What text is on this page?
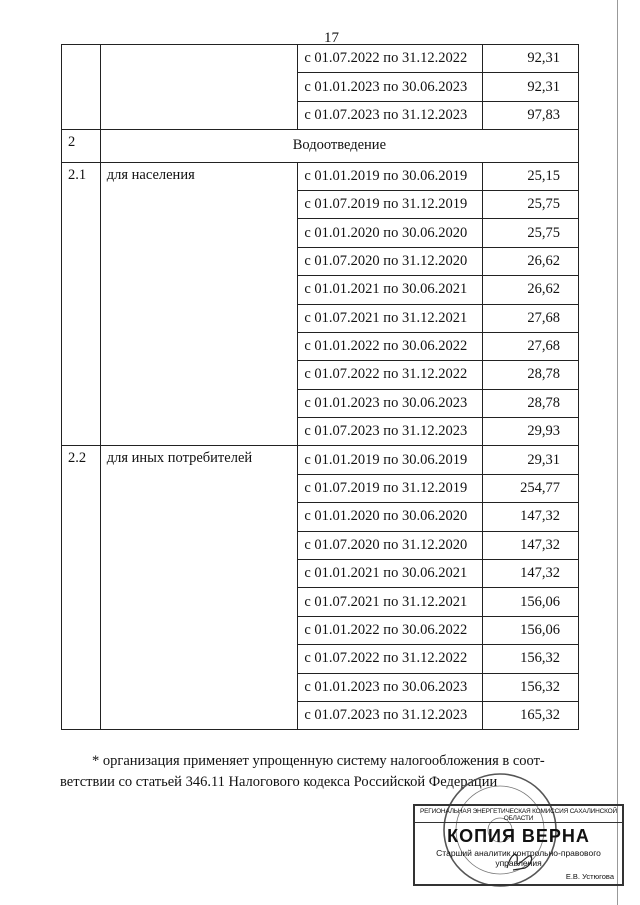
17
		с 01.07.2022 по 31.12.2022	92,31
		с 01.01.2023 по 30.06.2023	92,31
		с 01.07.2023 по 31.12.2023	97,83
2	Водоотведение		
2.1	для населения	с 01.01.2019 по 30.06.2019	25,15
		с 01.07.2019 по 31.12.2019	25,75
		с 01.01.2020 по 30.06.2020	25,75
		с 01.07.2020 по 31.12.2020	26,62
		с 01.01.2021 по 30.06.2021	26,62
		с 01.07.2021 по 31.12.2021	27,68
		с 01.01.2022 по 30.06.2022	27,68
		с 01.07.2022 по 31.12.2022	28,78
		с 01.01.2023 по 30.06.2023	28,78
		с 01.07.2023 по 31.12.2023	29,93
2.2	для иных потребителей	с 01.01.2019 по 30.06.2019	29,31
		с 01.07.2019 по 31.12.2019	254,77
		с 01.01.2020 по 30.06.2020	147,32
		с 01.07.2020 по 31.12.2020	147,32
		с 01.01.2021 по 30.06.2021	147,32
		с 01.07.2021 по 31.12.2021	156,06
		с 01.01.2022 по 30.06.2022	156,06
		с 01.07.2022 по 31.12.2022	156,32
		с 01.01.2023 по 30.06.2023	156,32
		с 01.07.2023 по 31.12.2023	165,32
* организация применяет упрощенную систему налогообложения в соот-
ветствии со статьей 346.11 Налогового кодекса Российской Федерации
РЕГИОНАЛЬНАЯ ЭНЕРГЕТИЧЕСКАЯ КОМИССИЯ САХАЛИНСКОЙ ОБЛАСТИ
КОПИЯ ВЕРНА
Старший аналитик контрольно-правового управления
Е.В. Устюгова
